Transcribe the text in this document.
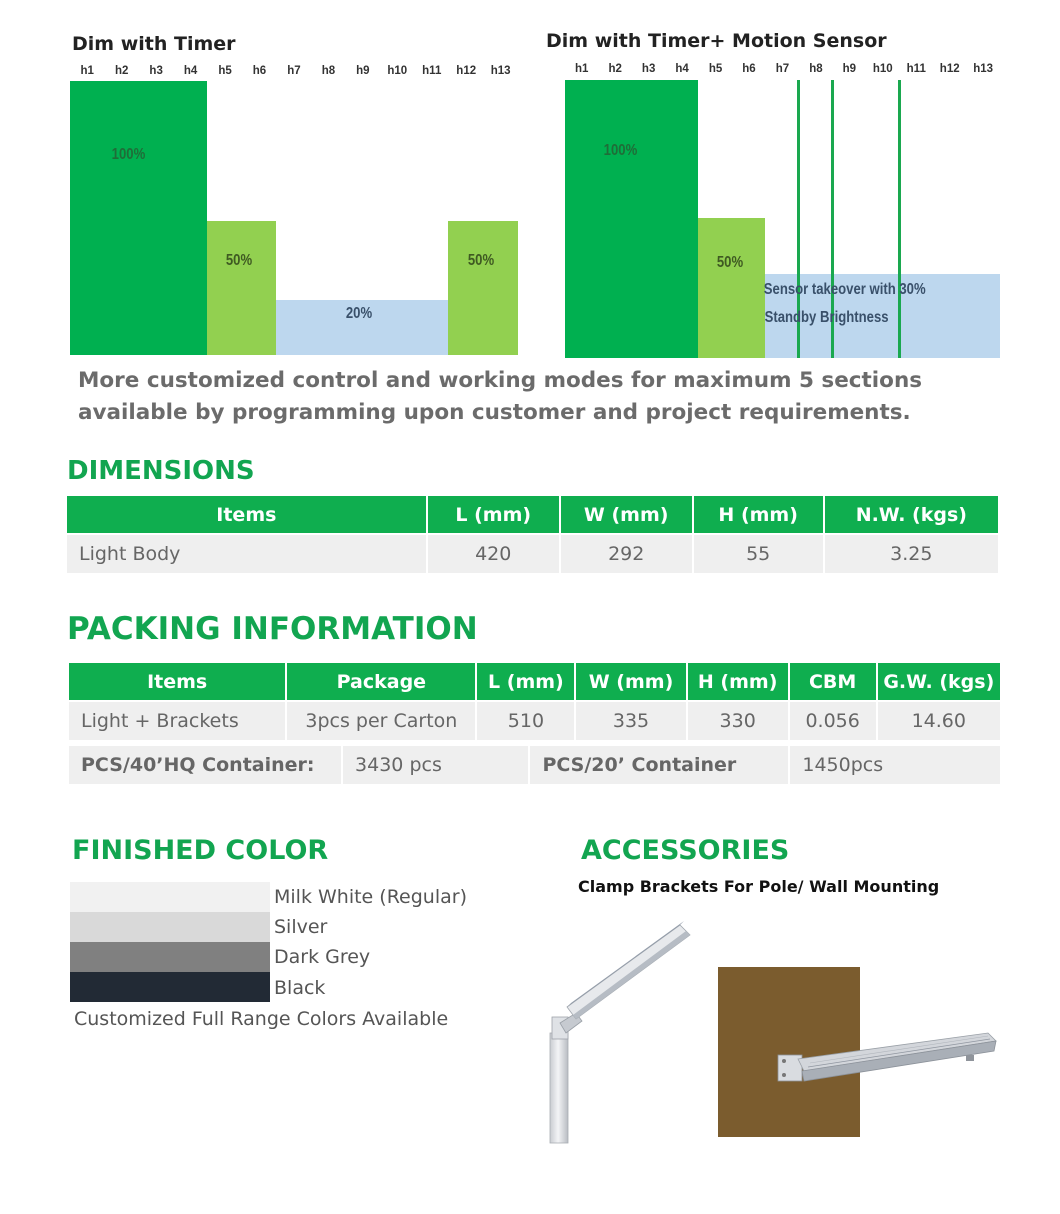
Dim with Timer
h1	h2	h3	h4	h5	h6	h7	h8	h9	h10	h11	h12	h13
100%
50%
20%
50%
Dim with Timer+ Motion Sensor
h1	h2	h3	h4	h5	h6	h7	h8	h9	h10	h11	h12	h13
100%
50%
Sensor takeover with 30%
Standby Brightness
More customized control and working modes for maximum 5 sections available by programming upon customer and project requirements.
DIMENSIONS
Items	L (mm)	W (mm)	H (mm)	N.W. (kgs)
Light Body	420	292	55	3.25
PACKING INFORMATION
Items	Package	L (mm)	W (mm)	H (mm)	CBM	G.W. (kgs)
Light + Brackets	3pcs per Carton	510	335	330	0.056	14.60
PCS/40’HQ Container:	3430 pcs	PCS/20’ Container	1450pcs
FINISHED COLOR
Milk White (Regular)
Silver
Dark Grey
Black
Customized Full Range Colors Available
ACCESSORIES
Clamp Brackets For Pole/ Wall Mounting
